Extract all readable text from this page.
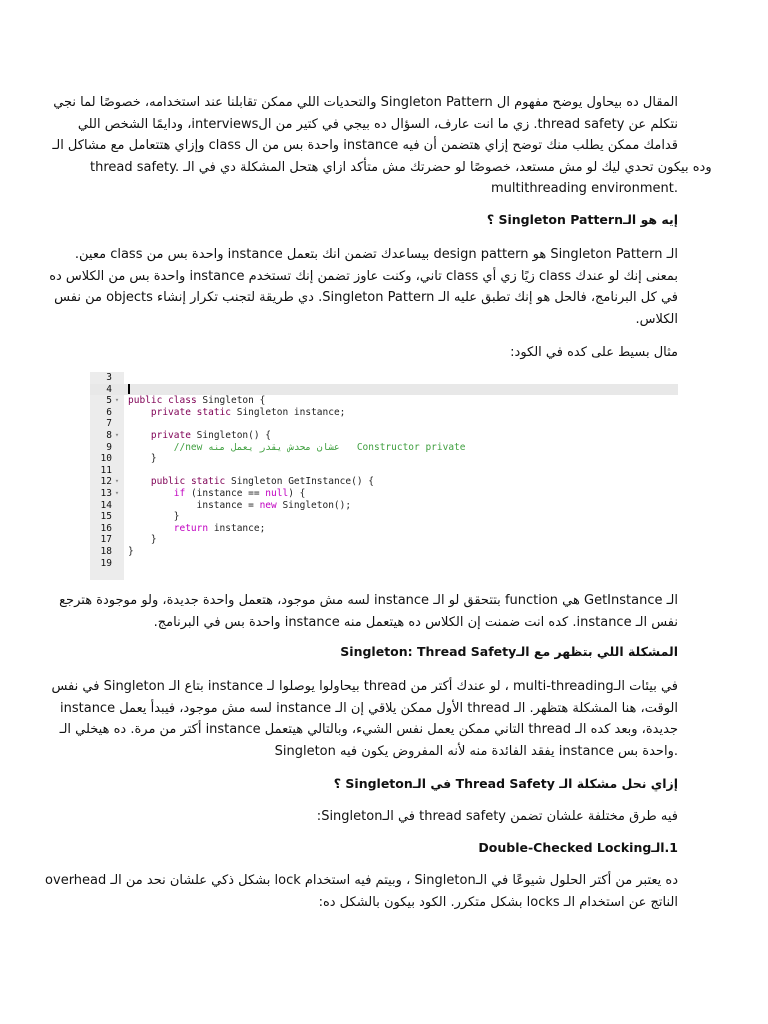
المقال ده بيحاول يوضح مفهوم ال Singleton Pattern والتحديات اللي ممكن تقابلنا عند استخدامه، خصوصًا لما نجي
نتكلم عن thread safety. زي ما انت عارف، السؤال ده بيجي في كتير من الinterviews، ودايمًا الشخص اللي
قدامك ممكن يطلب منك توضح إزاي هتضمن أن فيه instance واحدة بس من ال class وإزاي هتتعامل مع مشاكل الـ
thread safety. وده بيكون تحدي ليك لو مش مستعد، خصوصًا لو حضرتك مش متأكد ازاي هتحل المشكلة دي في الـ
multithreading environment.
إيه هو الـSingleton Pattern ؟
الـ Singleton Pattern هو design pattern بيساعدك تضمن انك بتعمل instance واحدة بس من class معين.
بمعنى إنك لو عندك class زيًا زي أي class تاني، وكنت عاوز تضمن إنك تستخدم instance واحدة بس من الكلاس ده
في كل البرنامج، فالحل هو إنك تطبق عليه الـ Singleton Pattern. دي طريقة لتجنب تكرار إنشاء objects من نفس
الكلاس.
مثال بسيط على كده في الكود:
3
4
5 ▾ public class Singleton {
6	private static Singleton instance;
7
8 ▾	private Singleton() {
9	//new عشان محدش يقدر يعمل منه   Constructor private
10 }
11
12 ▾	public static Singleton GetInstance() {
13 ▾	if (instance == null) {
14 instance = new Singleton();
15 }
16	return instance;
17 }
18 }
19
الـ GetInstance هي function بتتحقق لو الـ instance لسه مش موجود، هتعمل واحدة جديدة، ولو موجودة هترجع
نفس الـ instance. كده انت ضمنت إن الكلاس ده هيتعمل منه instance واحدة بس في البرنامج.
المشكلة اللي بتظهر مع الـSingleton: Thread Safety
في بيئات الـmulti-threading ، لو عندك أكتر من thread بيحاولوا يوصلوا لـ instance بتاع الـ Singleton في نفس
الوقت، هنا المشكلة هتظهر. الـ thread الأول ممكن يلاقي إن الـ instance لسه مش موجود، فيبدأ يعمل instance
جديدة، وبعد كده الـ thread التاني ممكن يعمل نفس الشيء، وبالتالي هيتعمل instance أكتر من مرة. ده هيخلي الـ
Singleton يفقد الفائدة منه لأنه المفروض يكون فيه instance واحدة بس.
إزاي نحل مشكلة الـ Thread Safety في الـSingleton ؟
فيه طرق مختلفة علشان تضمن thread safety في الـSingleton:
1.الـDouble-Checked Locking
ده يعتبر من أكتر الحلول شيوعًا في الـSingleton ، وبيتم فيه استخدام lock بشكل ذكي علشان نحد من الـ overhead
الناتج عن استخدام الـ locks بشكل متكرر. الكود بيكون بالشكل ده:
